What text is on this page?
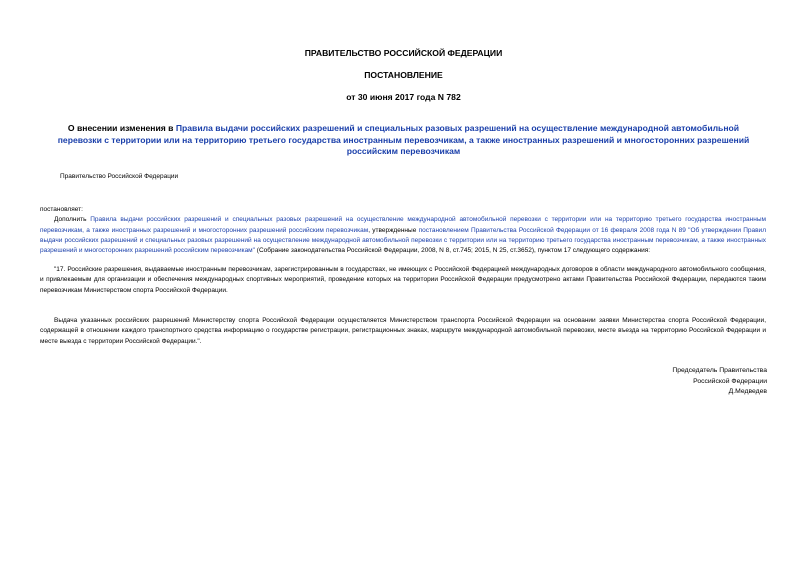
ПРАВИТЕЛЬСТВО РОССИЙСКОЙ ФЕДЕРАЦИИ
ПОСТАНОВЛЕНИЕ
от 30 июня 2017 года N 782
О внесении изменения в Правила выдачи российских разрешений и специальных разовых разрешений на осуществление международной автомобильной перевозки с территории или на территорию третьего государства иностранным перевозчикам, а также иностранных разрешений и многосторонних разрешений российским перевозчикам
Правительство Российской Федерации
постановляет:
Дополнить Правила выдачи российских разрешений и специальных разовых разрешений на осуществление международной автомобильной перевозки с территории или на территорию третьего государства иностранным перевозчикам, а также иностранных разрешений и многосторонних разрешений российским перевозчикам, утвержденные постановлением Правительства Российской Федерации от 16 февраля 2008 года N 89 "Об утверждении Правил выдачи российских разрешений и специальных разовых разрешений на осуществление международной автомобильной перевозки с территории или на территорию третьего государства иностранным перевозчикам, а также иностранных разрешений и многосторонних разрешений российским перевозчикам" (Собрание законодательства Российской Федерации, 2008, N 8, ст.745; 2015, N 25, ст.3652), пунктом 17 следующего содержания:
"17. Российские разрешения, выдаваемые иностранным перевозчикам, зарегистрированным в государствах, не имеющих с Российской Федерацией международных договоров в области международного автомобильного сообщения, и привлекаемым для организации и обеспечения международных спортивных мероприятий, проведение которых на территории Российской Федерации предусмотрено актами Правительства Российской Федерации, передаются таким перевозчикам Министерством спорта Российской Федерации.
Выдача указанных российских разрешений Министерству спорта Российской Федерации осуществляется Министерством транспорта Российской Федерации на основании заявки Министерства спорта Российской Федерации, содержащей в отношении каждого транспортного средства информацию о государстве регистрации, регистрационных знаках, маршруте международной автомобильной перевозки, месте въезда на территорию Российской Федерации и месте выезда с территории Российской Федерации.".
Председатель Правительства
Российской Федерации
Д.Медведев
